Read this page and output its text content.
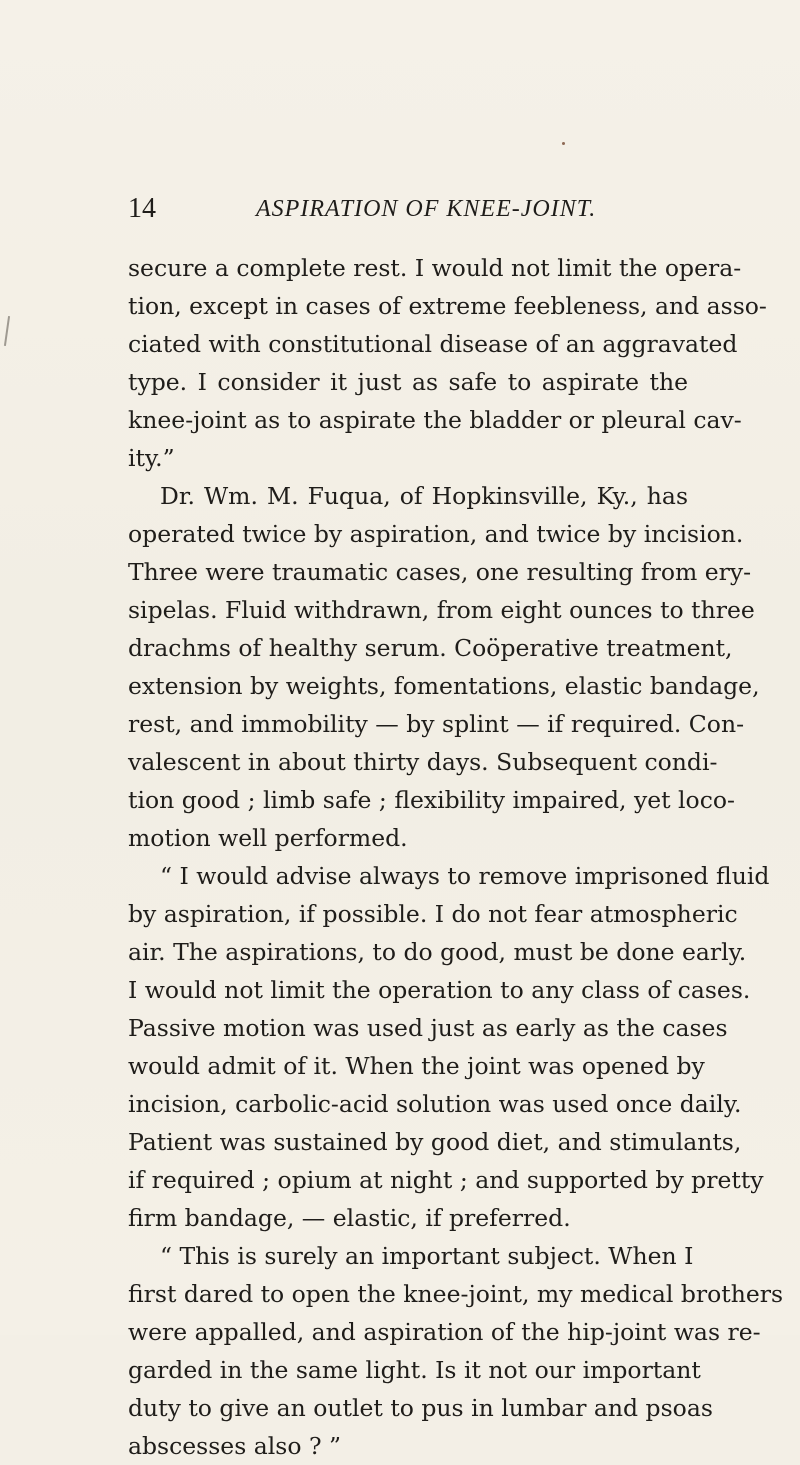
14	ASPIRATION OF KNEE-JOINT.
secure a complete rest. I would not limit the opera-
tion, except in cases of extreme feebleness, and asso-
ciated with constitutional disease of an aggravated
type. I consider it just as safe to aspirate the
knee-joint as to aspirate the bladder or pleural cav-
ity.”
Dr. Wm. M. Fuqua, of Hopkinsville, Ky., has
operated twice by aspiration, and twice by incision.
Three were traumatic cases, one resulting from ery-
sipelas. Fluid withdrawn, from eight ounces to three
drachms of healthy serum. Coöperative treatment,
extension by weights, fomentations, elastic bandage,
rest, and immobility — by splint — if required. Con-
valescent in about thirty days. Subsequent condi-
tion good ; limb safe ; flexibility impaired, yet loco-
motion well performed.
“ I would advise always to remove imprisoned fluid
by aspiration, if possible. I do not fear atmospheric
air. The aspirations, to do good, must be done early.
I would not limit the operation to any class of cases.
Passive motion was used just as early as the cases
would admit of it. When the joint was opened by
incision, carbolic-acid solution was used once daily.
Patient was sustained by good diet, and stimulants,
if required ; opium at night ; and supported by pretty
firm bandage, — elastic, if preferred.
“ This is surely an important subject. When I
first dared to open the knee-joint, my medical brothers
were appalled, and aspiration of the hip-joint was re-
garded in the same light. Is it not our important
duty to give an outlet to pus in lumbar and psoas
abscesses also ? ”
